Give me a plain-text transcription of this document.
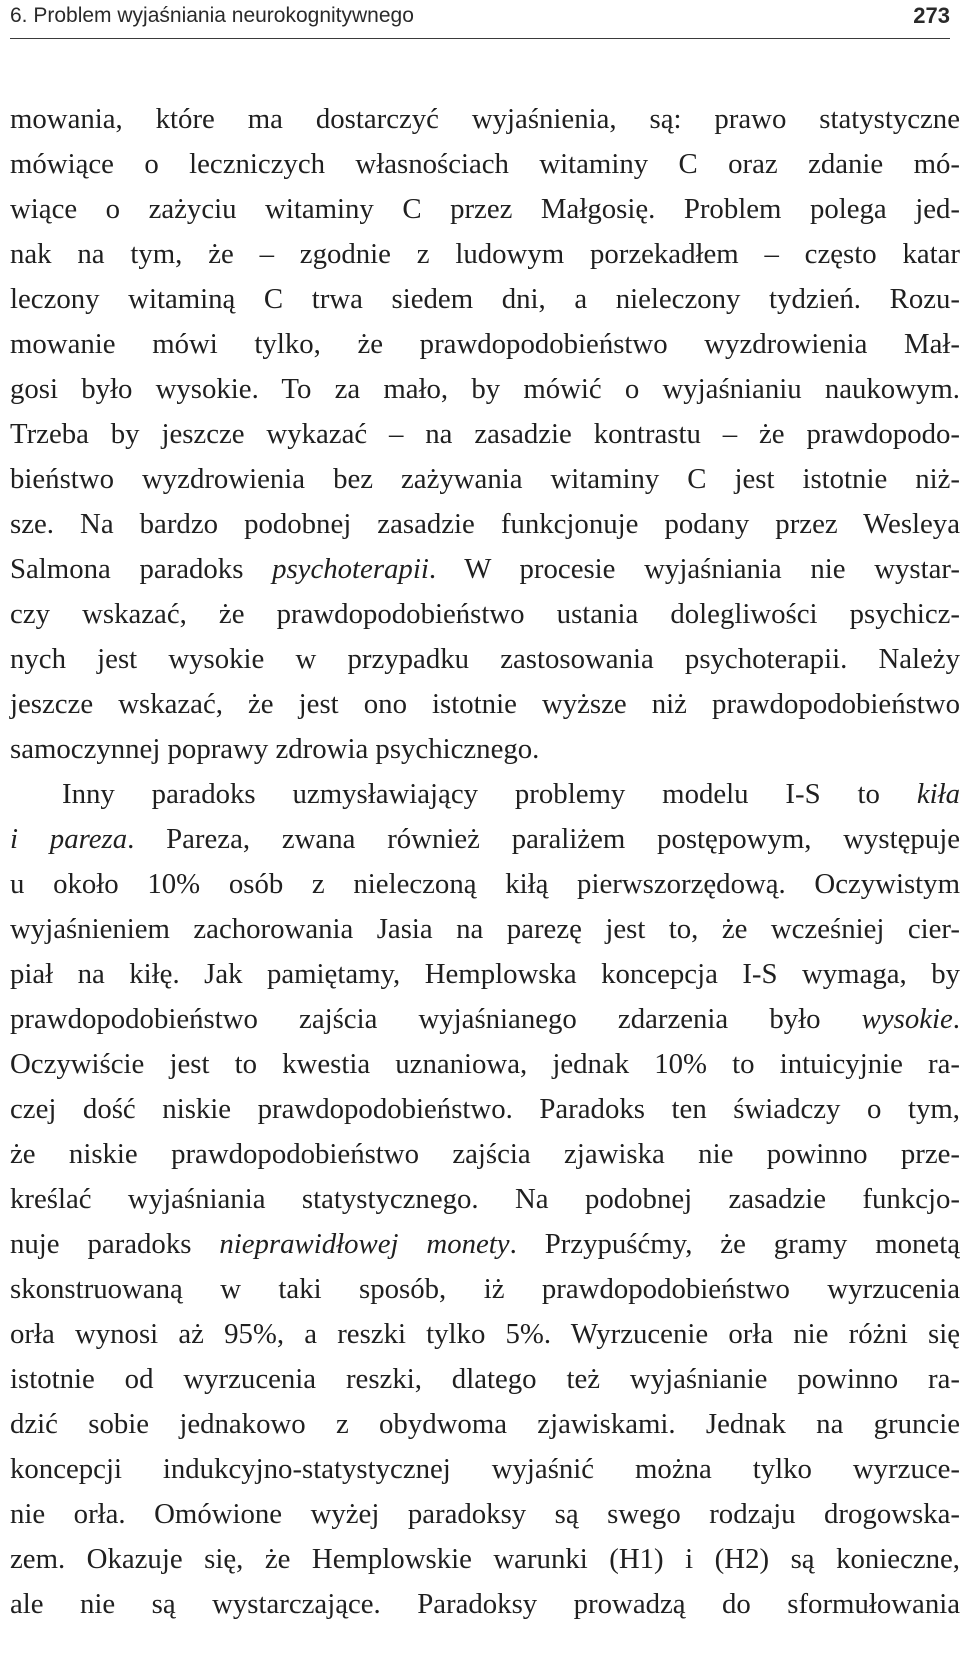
6. Problem wyjaśniania neurokognitywnego	273
mowania, które ma dostarczyć wyjaśnienia, są: prawo statystyczne
mówiące o leczniczych własnościach witaminy C oraz zdanie mó-
wiące o zażyciu witaminy C przez Małgosię. Problem polega jed-
nak na tym, że – zgodnie z ludowym porzekadłem – często katar
leczony witaminą C trwa siedem dni, a nieleczony tydzień. Rozu-
mowanie mówi tylko, że prawdopodobieństwo wyzdrowienia Mał-
gosi było wysokie. To za mało, by mówić o wyjaśnianiu naukowym.
Trzeba by jeszcze wykazać – na zasadzie kontrastu – że prawdopodo-
bieństwo wyzdrowienia bez zażywania witaminy C jest istotnie niż-
sze. Na bardzo podobnej zasadzie funkcjonuje podany przez Wesleya
Salmona paradoks psychoterapii. W procesie wyjaśniania nie wystar-
czy wskazać, że prawdopodobieństwo ustania dolegliwości psychicz-
nych jest wysokie w przypadku zastosowania psychoterapii. Należy
jeszcze wskazać, że jest ono istotnie wyższe niż prawdopodobieństwo
samoczynnej poprawy zdrowia psychicznego.
Inny paradoks uzmysławiający problemy modelu I-S to kiła
i pareza. Pareza, zwana również paraliżem postępowym, występuje
u około 10% osób z nieleczoną kiłą pierwszorzędową. Oczywistym
wyjaśnieniem zachorowania Jasia na parezę jest to, że wcześniej cier-
piał na kiłę. Jak pamiętamy, Hemplowska koncepcja I-S wymaga, by
prawdopodobieństwo zajścia wyjaśnianego zdarzenia było wysokie.
Oczywiście jest to kwestia uznaniowa, jednak 10% to intuicyjnie ra-
czej dość niskie prawdopodobieństwo. Paradoks ten świadczy o tym,
że niskie prawdopodobieństwo zajścia zjawiska nie powinno prze-
kreślać wyjaśniania statystycznego. Na podobnej zasadzie funkcjo-
nuje paradoks nieprawidłowej monety. Przypuśćmy, że gramy monetą
skonstruowaną w taki sposób, iż prawdopodobieństwo wyrzucenia
orła wynosi aż 95%, a reszki tylko 5%. Wyrzucenie orła nie różni się
istotnie od wyrzucenia reszki, dlatego też wyjaśnianie powinno ra-
dzić sobie jednakowo z obydwoma zjawiskami. Jednak na gruncie
koncepcji indukcyjno-statystycznej wyjaśnić można tylko wyrzuce-
nie orła. Omówione wyżej paradoksy są swego rodzaju drogowska-
zem. Okazuje się, że Hemplowskie warunki (H1) i (H2) są konieczne,
ale nie są wystarczające. Paradoksy prowadzą do sformułowania
